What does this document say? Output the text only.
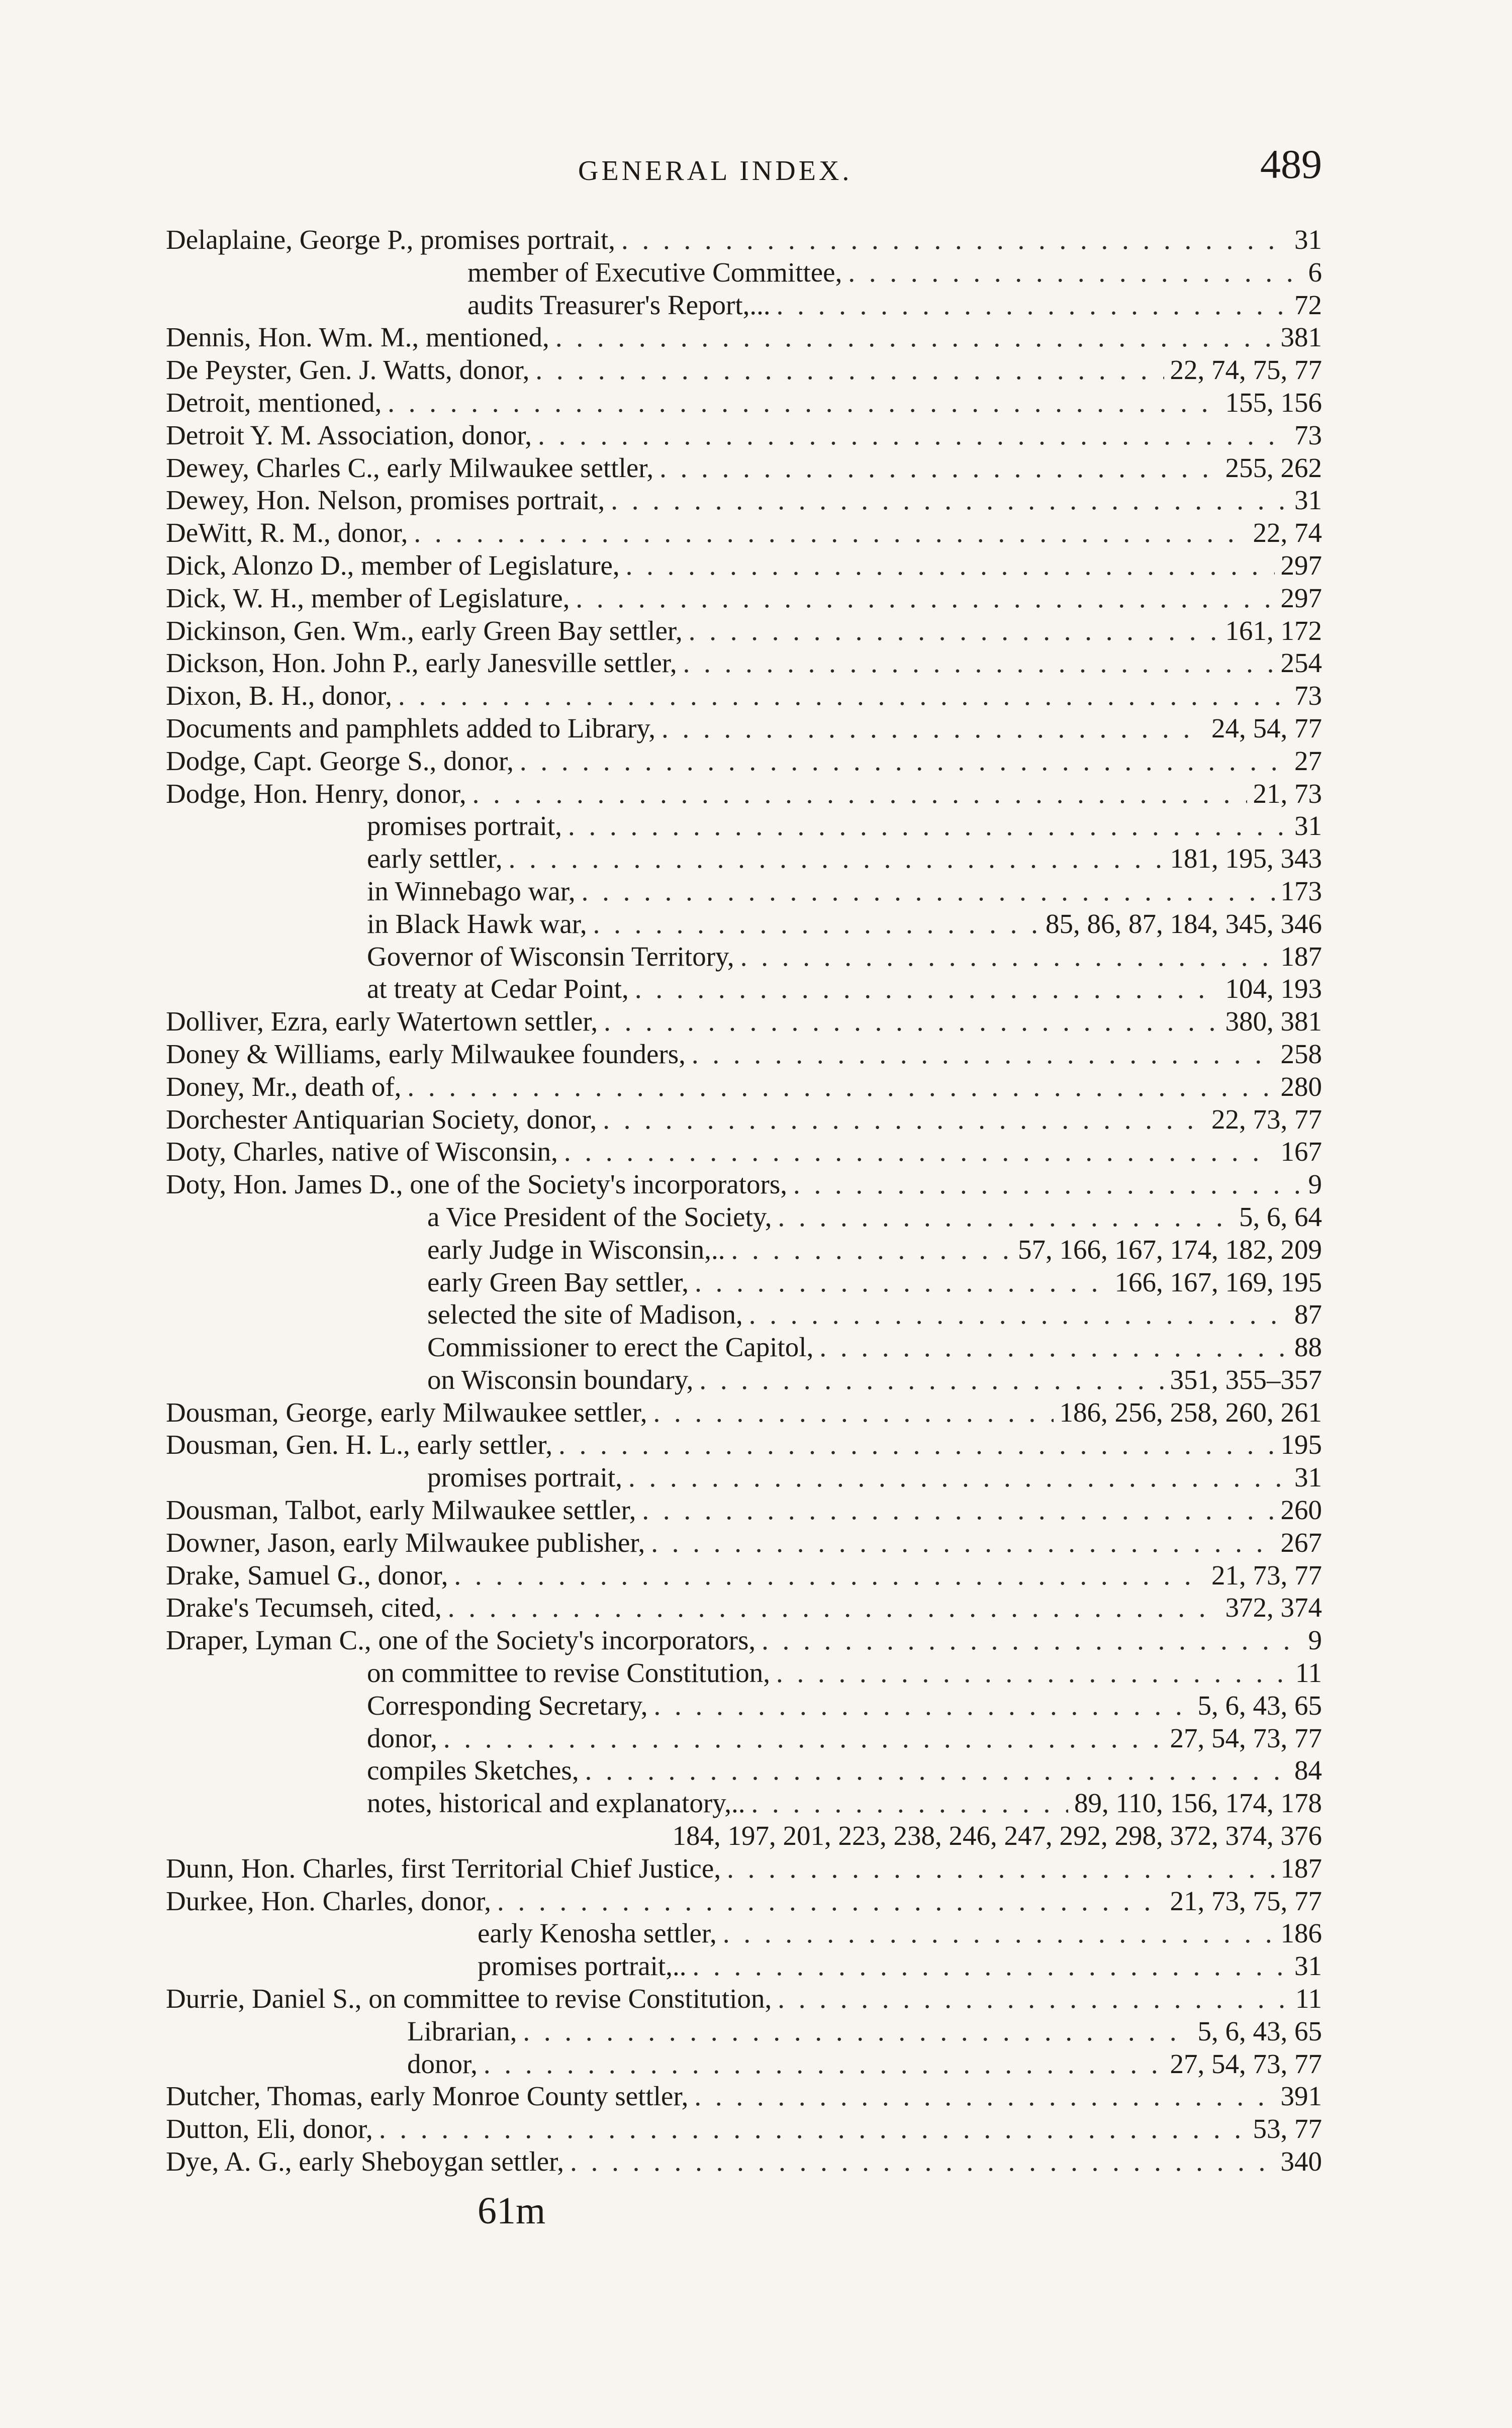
GENERAL INDEX.	489
Delaplaine, George P., promises portrait, . . .	31
member of Executive Committee, . . .	6
audits Treasurer's Report,... . . .	72
Dennis, Hon. Wm. M., mentioned, . . .	381
De Peyster, Gen. J. Watts, donor, . . .	22, 74, 75, 77
Detroit, mentioned, . . .	155, 156
Detroit Y. M. Association, donor, . . .	73
Dewey, Charles C., early Milwaukee settler, . . .	255, 262
Dewey, Hon. Nelson, promises portrait, . . .	31
DeWitt, R. M., donor, . . .	22, 74
Dick, Alonzo D., member of Legislature, . . .	297
Dick, W. H., member of Legislature, . . .	297
Dickinson, Gen. Wm., early Green Bay settler, . . .	161, 172
Dickson, Hon. John P., early Janesville settler, . . .	254
Dixon, B. H., donor, . . .	73
Documents and pamphlets added to Library, . . .	24, 54, 77
Dodge, Capt. George S., donor, . . .	27
Dodge, Hon. Henry, donor, . . .	21, 73
promises portrait, . . .	31
early settler, . . .	181, 195, 343
in Winnebago war, . . .	173
in Black Hawk war, . . .	85, 86, 87, 184, 345, 346
Governor of Wisconsin Territory, . . .	187
at treaty at Cedar Point, . . .	104, 193
Dolliver, Ezra, early Watertown settler, . . .	380, 381
Doney & Williams, early Milwaukee founders, . . .	258
Doney, Mr., death of, . . .	280
Dorchester Antiquarian Society, donor, . . .	22, 73, 77
Doty, Charles, native of Wisconsin, . . .	167
Doty, Hon. James D., one of the Society's incorporators, . . .	9
a Vice President of the Society, . . .	5, 6, 64
early Judge in Wisconsin,.. . . .	57, 166, 167, 174, 182, 209
early Green Bay settler, . . .	166, 167, 169, 195
selected the site of Madison, . . .	87
Commissioner to erect the Capitol, . . .	88
on Wisconsin boundary, . . .	351, 355–357
Dousman, George, early Milwaukee settler, . . .	186, 256, 258, 260, 261
Dousman, Gen. H. L., early settler, . . .	195
promises portrait, . . .	31
Dousman, Talbot, early Milwaukee settler, . . .	260
Downer, Jason, early Milwaukee publisher, . . .	267
Drake, Samuel G., donor, . . .	21, 73, 77
Drake's Tecumseh, cited, . . .	372, 374
Draper, Lyman C., one of the Society's incorporators, . . .	9
on committee to revise Constitution, . . .	11
Corresponding Secretary, . . .	5, 6, 43, 65
donor, . . .	27, 54, 73, 77
compiles Sketches, . . .	84
notes, historical and explanatory,.. . . .	89, 110, 156, 174, 178
184, 197, 201, 223, 238, 246, 247, 292, 298, 372, 374, 376
Dunn, Hon. Charles, first Territorial Chief Justice, . . .	187
Durkee, Hon. Charles, donor, . . .	21, 73, 75, 77
early Kenosha settler, . . .	186
promises portrait,.. . . .	31
Durrie, Daniel S., on committee to revise Constitution, . . .	11
Librarian, . . .	5, 6, 43, 65
donor, . . .	27, 54, 73, 77
Dutcher, Thomas, early Monroe County settler, . . .	391
Dutton, Eli, donor, . . .	53, 77
Dye, A. G., early Sheboygan settler, . . .	340
61m
